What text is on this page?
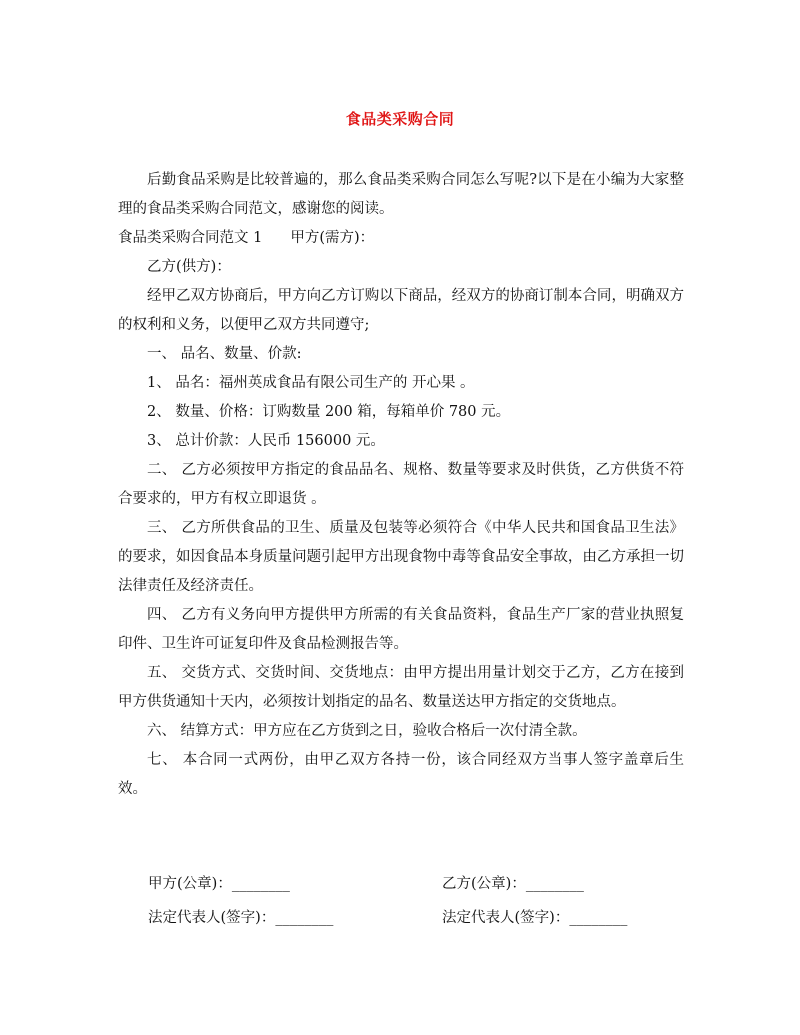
食品类采购合同

后勤食品采购是比较普遍的，那么食品类采购合同怎么写呢?以下是在小编为大家整理的食品类采购合同范文，感谢您的阅读。

食品类采购合同范文 1 甲方(需方)：

乙方(供方)：

经甲乙双方协商后，甲方向乙方订购以下商品，经双方的协商订制本合同，明确双方的权利和义务，以便甲乙双方共同遵守;

一、 品名、数量、价款:

1、 品名：福州英成食品有限公司生产的 开心果 。

2、 数量、价格：订购数量 200 箱，每箱单价 780 元。

3、 总计价款：人民币 156000 元。

二、 乙方必须按甲方指定的食品品名、规格、数量等要求及时供货，乙方供货不符合要求的，甲方有权立即退货 。

三、 乙方所供食品的卫生、质量及包装等必须符合《中华人民共和国食品卫生法》的要求，如因食品本身质量问题引起甲方出现食物中毒等食品安全事故，由乙方承担一切法律责任及经济责任。

四、 乙方有义务向甲方提供甲方所需的有关食品资料，食品生产厂家的营业执照复印件、卫生许可证复印件及食品检测报告等。

五、 交货方式、交货时间、交货地点：由甲方提出用量计划交于乙方，乙方在接到甲方供货通知十天内，必须按计划指定的品名、数量送达甲方指定的交货地点。

六、 结算方式：甲方应在乙方货到之日，验收合格后一次付清全款。

七、 本合同一式两份，由甲乙双方各持一份，该合同经双方当事人签字盖章后生效。

甲方(公章)：________	乙方(公章)：________
法定代表人(签字)：________	法定代表人(签字)：________
